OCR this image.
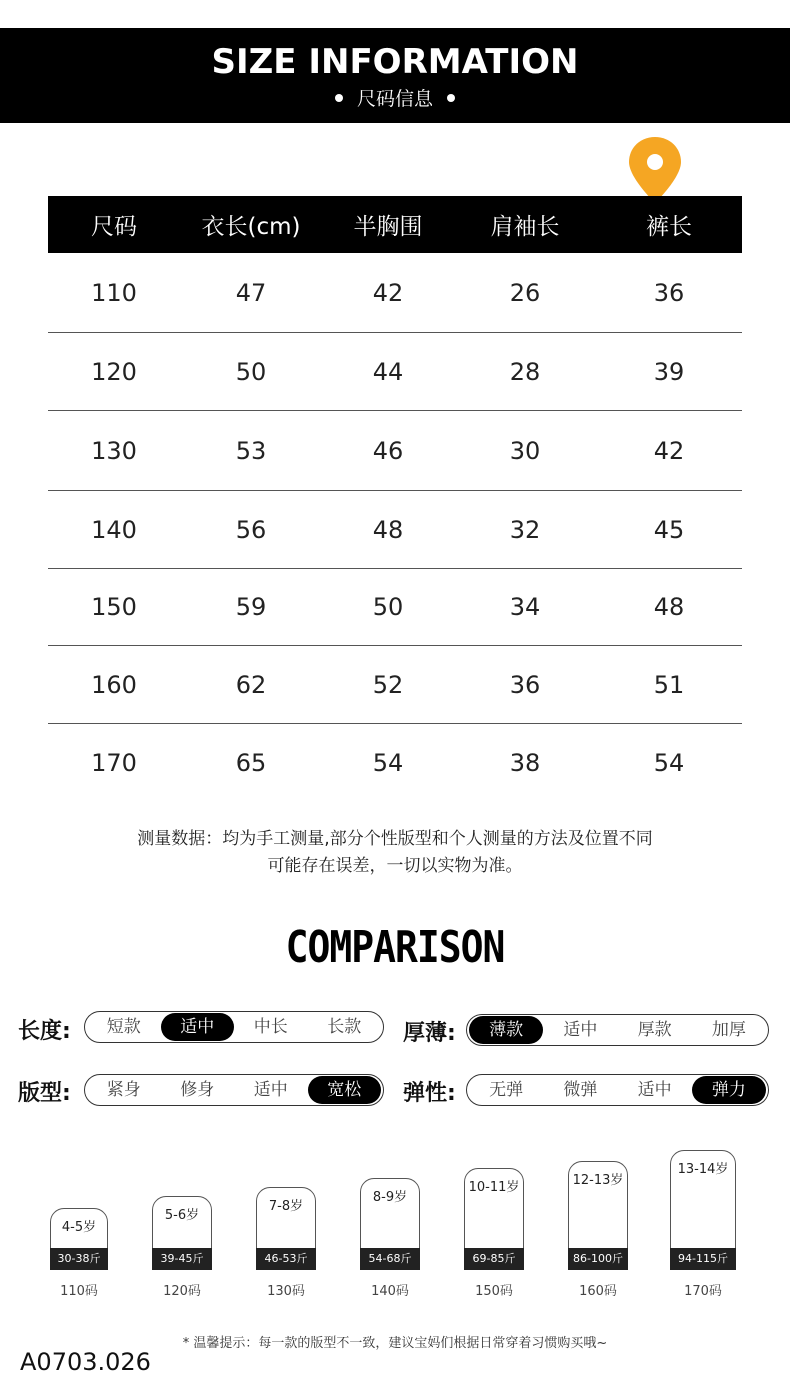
SIZE INFORMATION
尺码信息
尺码	衣长(cm)	半胸围	肩袖长	裤长
110	47	42	26	36
120	50	44	28	39
130	53	46	30	42
140	56	48	32	45
150	59	50	34	48
160	62	52	36	51
170	65	54	38	54
测量数据：均为手工测量,部分个性版型和个人测量的方法及位置不同
可能存在误差，一切以实物为准。
COMPARISON
长度:	短款	适中	中长	长款	厚薄:	薄款	适中	厚款	加厚
版型:	紧身	修身	适中	宽松	弹性:	无弹	微弹	适中	弹力
4-5岁
30-38斤
110码
5-6岁
39-45斤
120码
7-8岁
46-53斤
130码
8-9岁
54-68斤
140码
10-11岁
69-85斤
150码
12-13岁
86-100斤
160码
13-14岁
94-115斤
170码
* 温馨提示：每一款的版型不一致，建议宝妈们根据日常穿着习惯购买哦~
A0703.026
